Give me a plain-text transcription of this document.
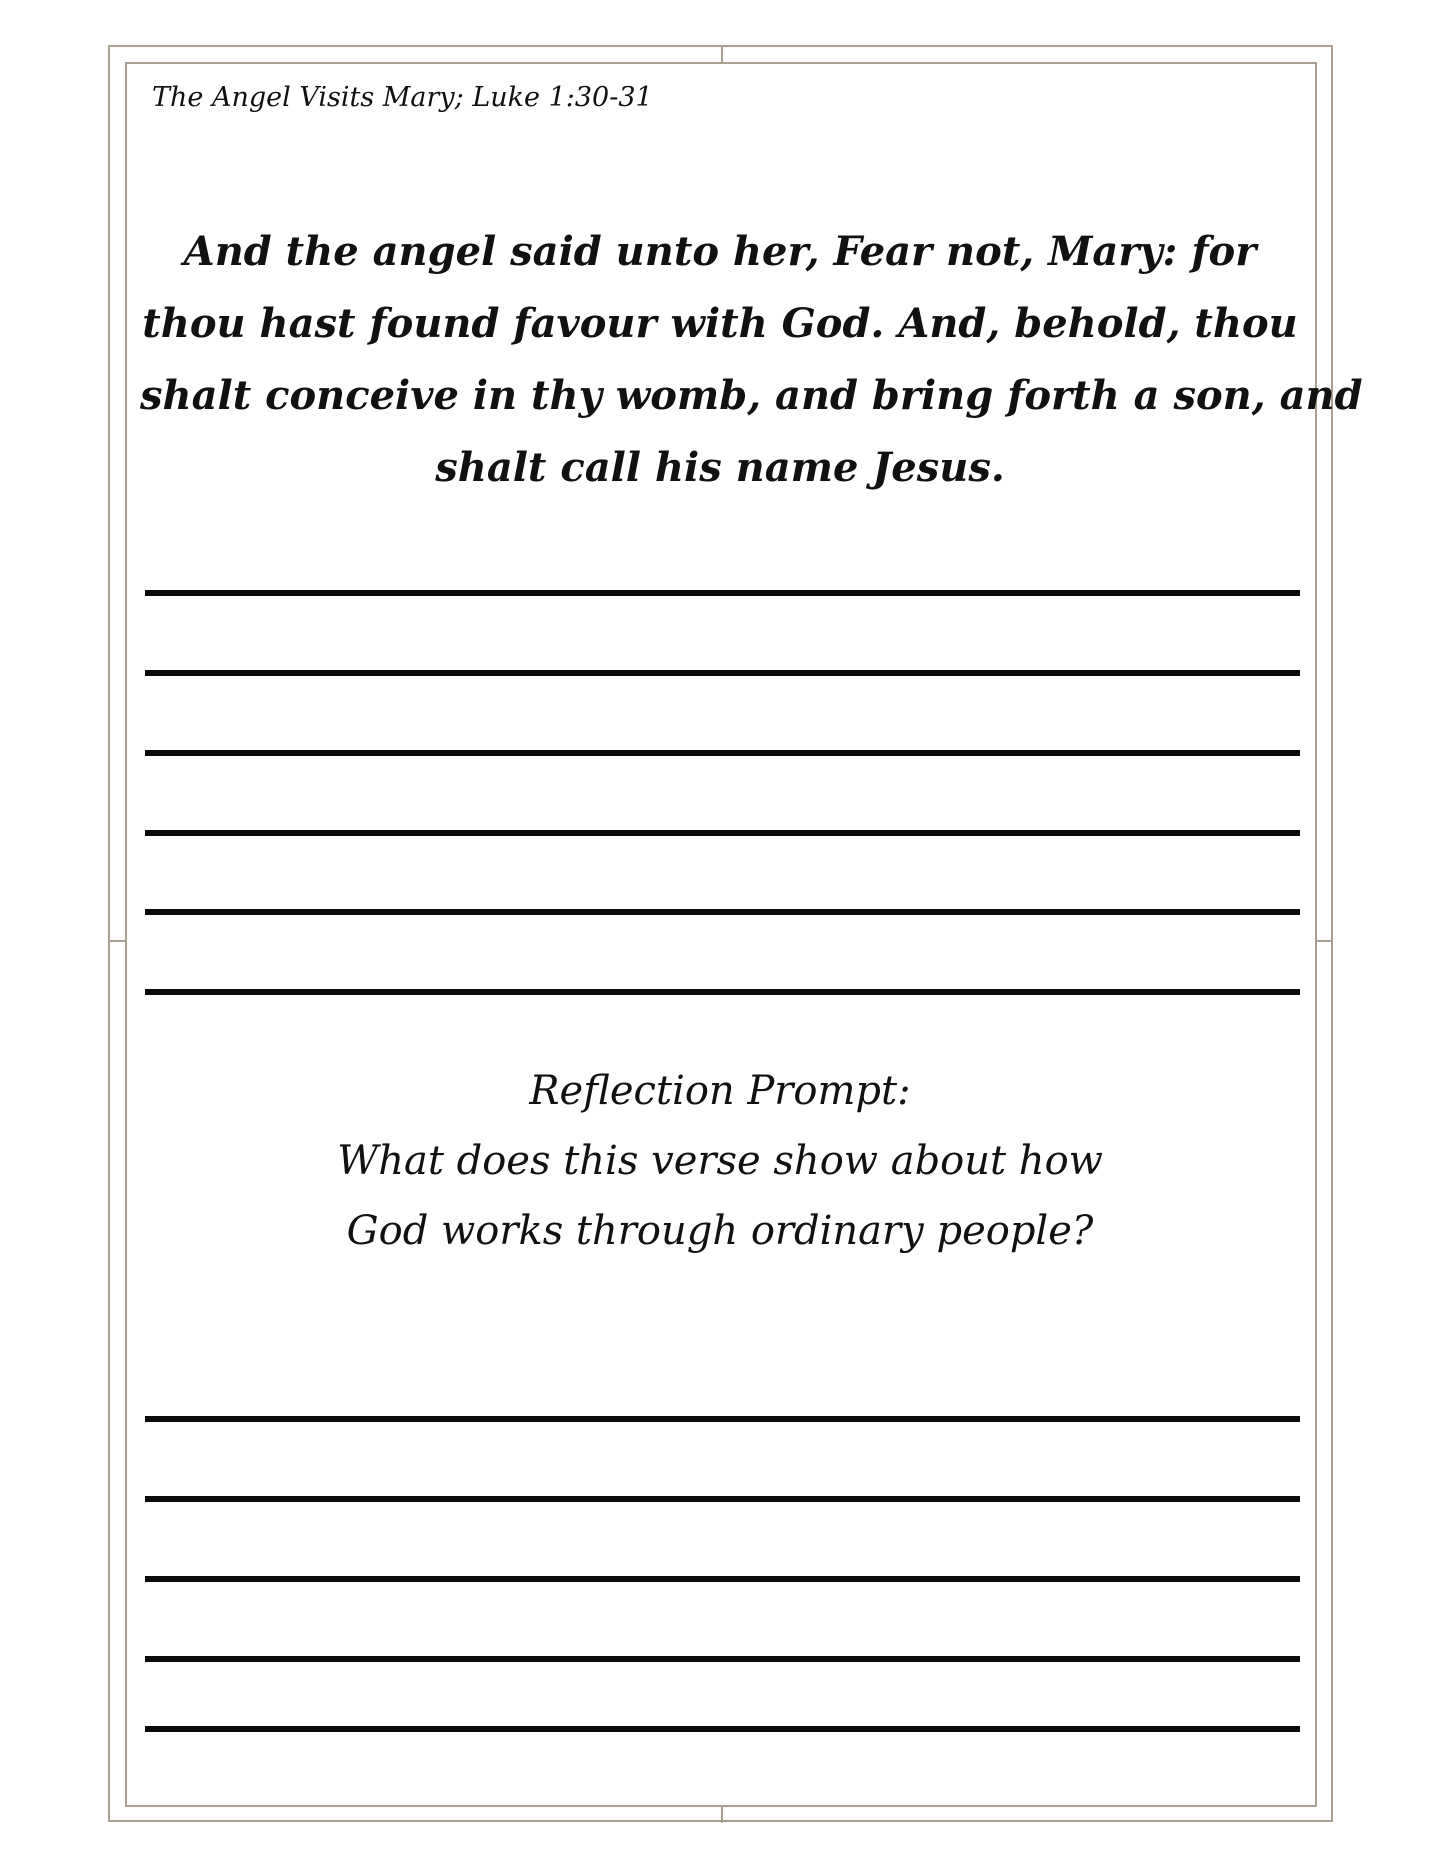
The Angel Visits Mary; Luke 1:30-31
And the angel said unto her, Fear not, Mary: for
thou hast found favour with God. And, behold, thou
shalt conceive in thy womb, and bring forth a son, and
shalt call his name Jesus.
Reflection Prompt:
What does this verse show about how
God works through ordinary people?
